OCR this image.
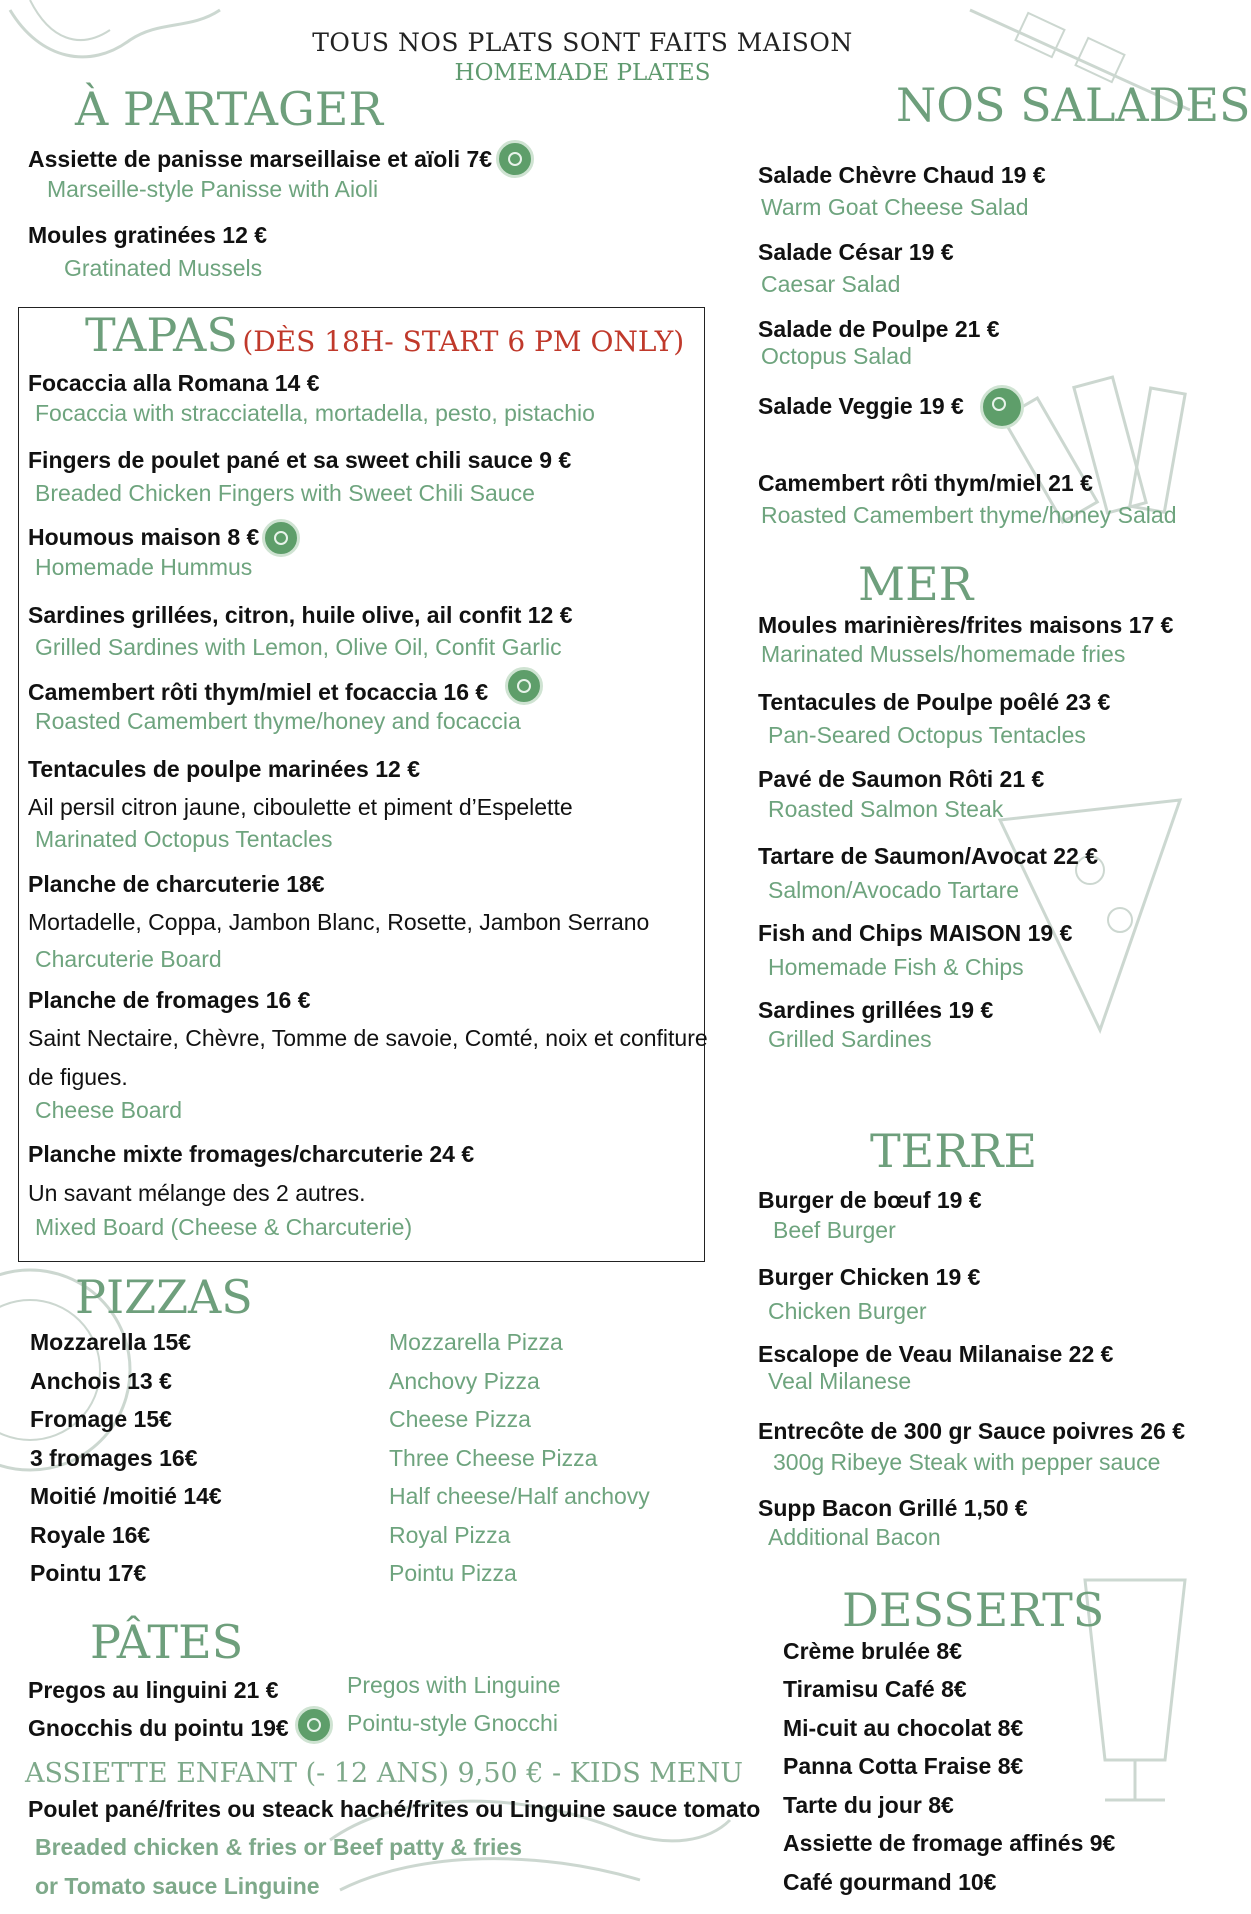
TOUS NOS PLATS SONT FAITS MAISON
HOMEMADE PLATES
À PARTAGER
Assiette de panisse marseillaise et aïoli 7€
Marseille-style Panisse with Aioli
Moules gratinées 12 €
Gratinated Mussels
TAPAS (DÈS 18H- START 6 PM ONLY)
Focaccia alla Romana 14 €
Focaccia with stracciatella, mortadella, pesto, pistachio
Fingers de poulet pané et sa sweet chili sauce 9 €
Breaded Chicken Fingers with Sweet Chili Sauce
Houmous maison 8 €
Homemade Hummus
Sardines grillées, citron, huile olive, ail confit 12 €
Grilled Sardines with Lemon, Olive Oil, Confit Garlic
Camembert rôti thym/miel et focaccia 16 €
Roasted Camembert thyme/honey and focaccia
Tentacules de poulpe marinées 12 €
Ail persil citron jaune, ciboulette et piment d’Espelette
Marinated Octopus Tentacles
Planche de charcuterie 18€
Mortadelle, Coppa, Jambon Blanc, Rosette, Jambon Serrano
Charcuterie Board
Planche de fromages 16 €
Saint Nectaire, Chèvre, Tomme de savoie, Comté, noix et confiture
de figues.
Cheese Board
Planche mixte fromages/charcuterie 24 €
Un savant mélange des 2 autres.
Mixed Board (Cheese & Charcuterie)
PIZZAS
Mozzarella 15€	Mozzarella Pizza
Anchois 13 €	Anchovy Pizza
Fromage 15€	Cheese Pizza
3 fromages 16€	Three Cheese Pizza
Moitié /moitié 14€	Half cheese/Half anchovy
Royale 16€	Royal Pizza
Pointu 17€	Pointu Pizza
PÂTES
Pregos au linguini 21 €	Pregos with Linguine
Gnocchis du pointu 19€	Pointu-style Gnocchi
ASSIETTE ENFANT (- 12 ANS) 9,50 € - KIDS MENU
Poulet pané/frites ou steack haché/frites ou Linguine sauce tomato
Breaded chicken & fries or Beef patty & fries
or Tomato sauce Linguine
NOS SALADES
Salade Chèvre Chaud 19 €
Warm Goat Cheese Salad
Salade César 19 €
Caesar Salad
Salade de Poulpe 21 €
Octopus Salad
Salade Veggie 19 €
Camembert rôti thym/miel 21 €
Roasted Camembert thyme/honey Salad
MER
Moules marinières/frites maisons 17 €
Marinated Mussels/homemade fries
Tentacules de Poulpe poêlé 23 €
Pan-Seared Octopus Tentacles
Pavé de Saumon Rôti 21 €
Roasted Salmon Steak
Tartare de Saumon/Avocat 22 €
Salmon/Avocado Tartare
Fish and Chips MAISON 19 €
Homemade Fish & Chips
Sardines grillées 19 €
Grilled Sardines
TERRE
Burger de bœuf 19 €
Beef Burger
Burger Chicken 19 €
Chicken Burger
Escalope de Veau Milanaise 22 €
Veal Milanese
Entrecôte de 300 gr Sauce poivres 26 €
300g Ribeye Steak with pepper sauce
Supp Bacon Grillé 1,50 €
Additional Bacon
DESSERTS
Crème brulée 8€
Tiramisu Café 8€
Mi-cuit au chocolat 8€
Panna Cotta Fraise 8€
Tarte du jour 8€
Assiette de fromage affinés 9€
Café gourmand 10€
